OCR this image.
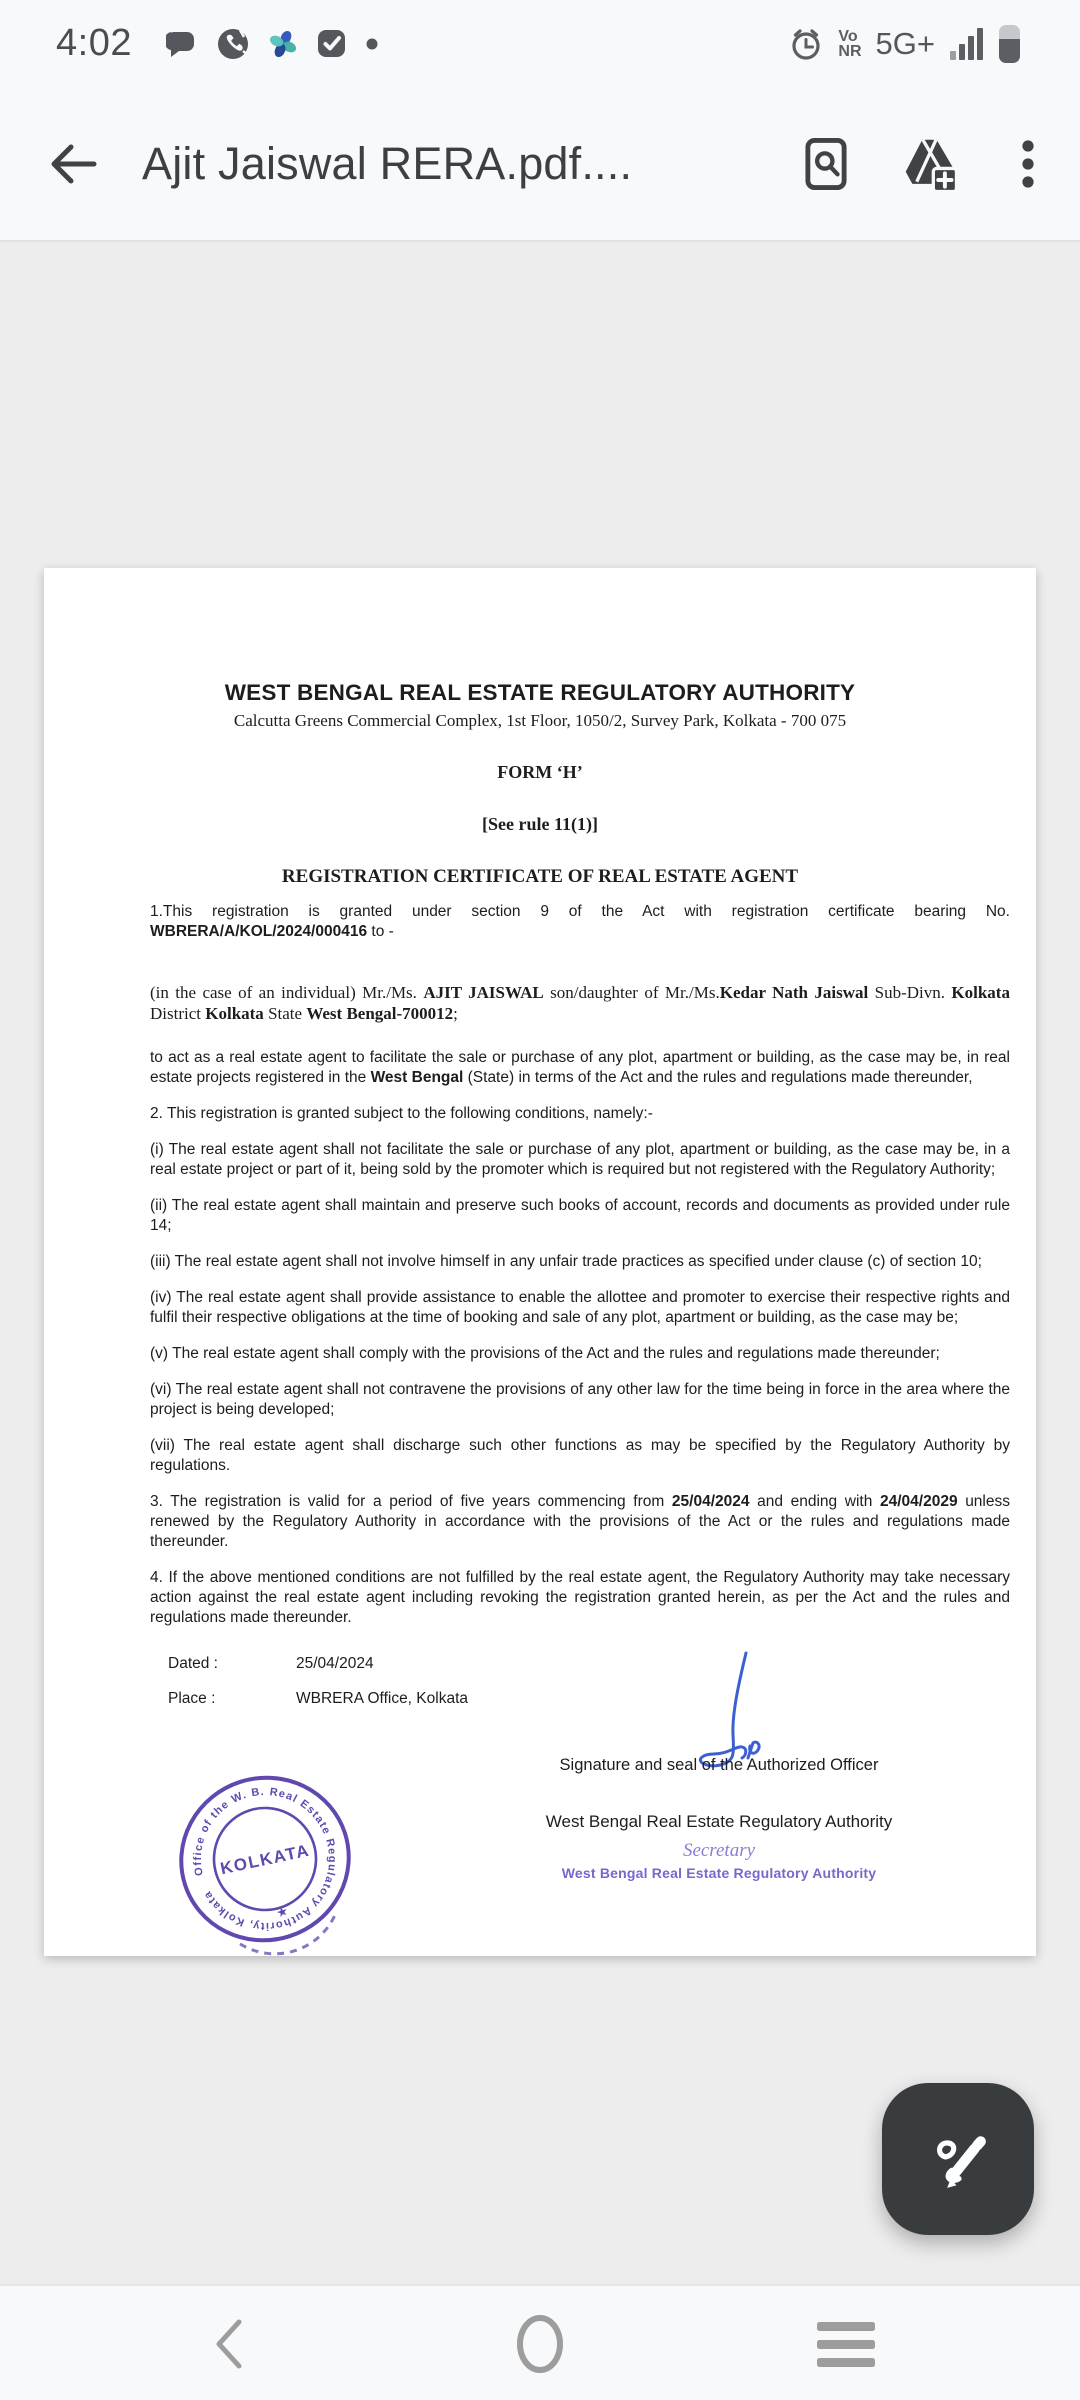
4:02	Vo
NR 5G+
Ajit Jaiswal RERA.pdf....
WEST BENGAL REAL ESTATE REGULATORY AUTHORITY
Calcutta Greens Commercial Complex, 1st Floor, 1050/2, Survey Park, Kolkata - 700 075
FORM ‘H’
[See rule 11(1)]
REGISTRATION CERTIFICATE OF REAL ESTATE AGENT

1.This registration is granted under section 9 of the Act with registration certificate bearing No. WBRERA/A/KOL/2024/000416 to -

(in the case of an individual) Mr./Ms. AJIT JAISWAL son/daughter of Mr./Ms.Kedar Nath Jaiswal Sub-Divn. Kolkata District Kolkata State West Bengal-700012;

to act as a real estate agent to facilitate the sale or purchase of any plot, apartment or building, as the case may be, in real estate projects registered in the West Bengal (State) in terms of the Act and the rules and regulations made thereunder,

2. This registration is granted subject to the following conditions, namely:-

(i) The real estate agent shall not facilitate the sale or purchase of any plot, apartment or building, as the case may be, in a real estate project or part of it, being sold by the promoter which is required but not registered with the Regulatory Authority;

(ii) The real estate agent shall maintain and preserve such books of account, records and documents as provided under rule 14;

(iii) The real estate agent shall not involve himself in any unfair trade practices as specified under clause (c) of section 10;

(iv) The real estate agent shall provide assistance to enable the allottee and promoter to exercise their respective rights and fulfil their respective obligations at the time of booking and sale of any plot, apartment or building, as the case may be;

(v) The real estate agent shall comply with the provisions of the Act and the rules and regulations made thereunder;

(vi) The real estate agent shall not contravene the provisions of any other law for the time being in force in the area where the project is being developed;

(vii) The real estate agent shall discharge such other functions as may be specified by the Regulatory Authority by regulations.

3. The registration is valid for a period of five years commencing from 25/04/2024 and ending with 24/04/2029 unless renewed by the Regulatory Authority in accordance with the provisions of the Act or the rules and regulations made thereunder.

4. If the above mentioned conditions are not fulfilled by the real estate agent, the Regulatory Authority may take necessary action against the real estate agent including revoking the registration granted herein, as per the Act and the rules and regulations made thereunder.

Dated :	25/04/2024
Place :	WBRERA Office, Kolkata
Signature and seal of the Authorized Officer
West Bengal Real Estate Regulatory Authority
Secretary
West Bengal Real Estate Regulatory Authority
Office of the W. B. Real Estate Regulatory Authority, Kolkata
KOLKATA
★
